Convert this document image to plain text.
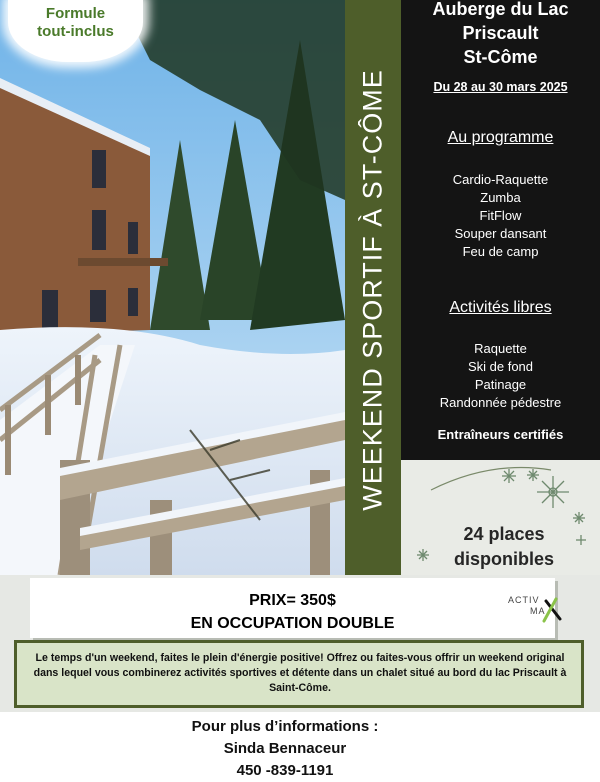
Formule
tout-inclus
WEEKEND SPORTIF À ST-CÔME
Auberge du Lac
Priscault
St-Côme
Du 28 au 30 mars 2025
Au programme
Cardio-Raquette
Zumba
FitFlow
Souper dansant
Feu de camp
Activités libres
Raquette
Ski de fond
Patinage
Randonnée pédestre
Entraîneurs certifiés
24 places
disponibles
PRIX= 350$
EN OCCUPATION DOUBLE
ACTIV
MA
Le temps d'un weekend, faites le plein d'énergie positive! Offrez ou faites-vous offrir un weekend original dans lequel vous combinerez activités sportives et détente dans un chalet situé au bord du lac Priscault à Saint-Côme.
Pour plus d’informations :
Sinda Bennaceur
450 -839-1191
